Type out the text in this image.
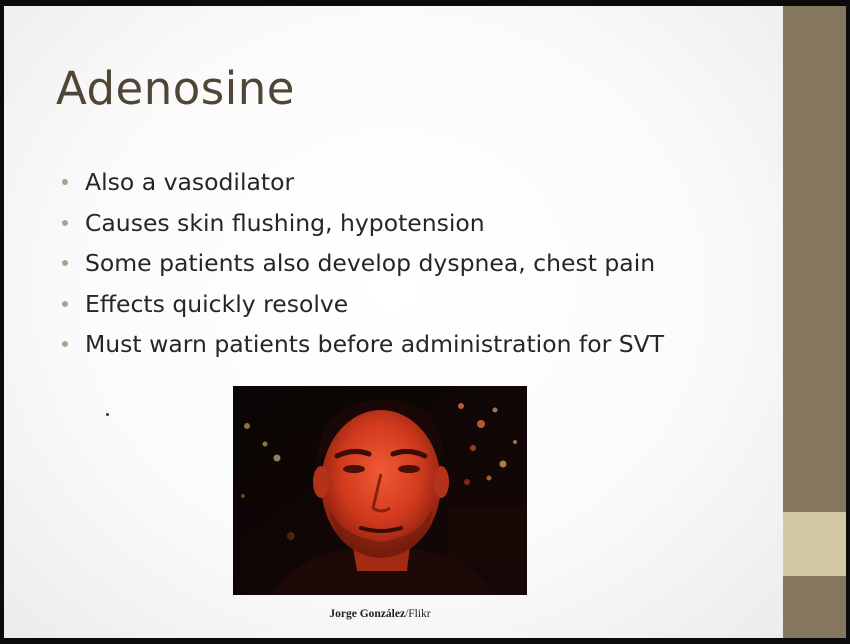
Adenosine
Also a vasodilator
Causes skin flushing, hypotension
Some patients also develop dyspnea, chest pain
Effects quickly resolve
Must warn patients before administration for SVT
Jorge González/Flikr
